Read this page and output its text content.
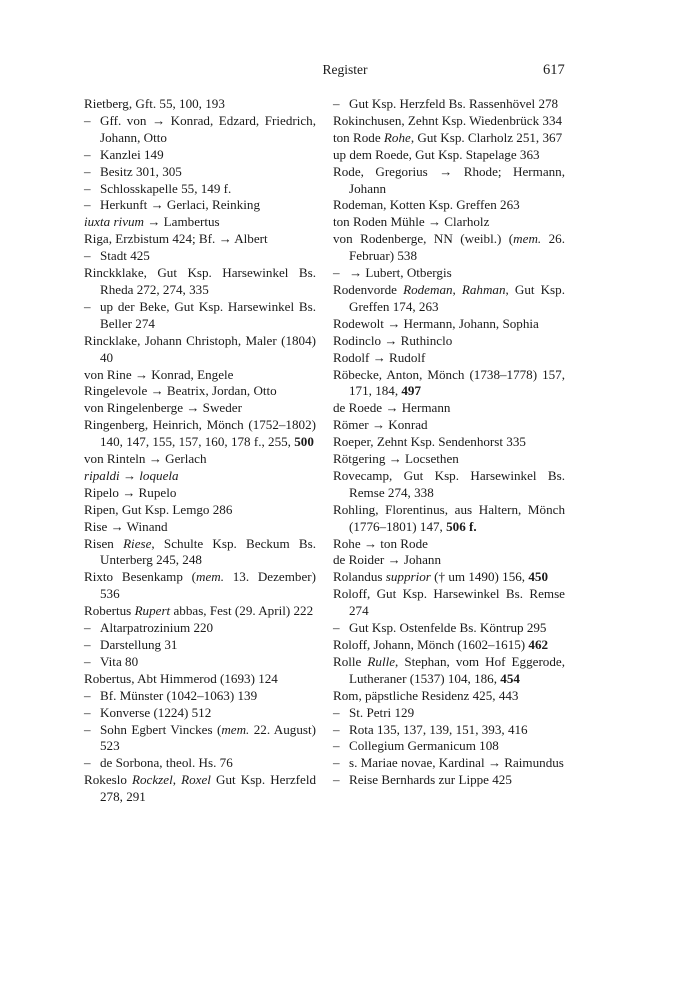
Register	617
Rietberg, Gft. 55, 100, 193
– Gff. von → Konrad, Edzard, Friedrich, Johann, Otto
– Kanzlei 149
– Besitz 301, 305
– Schlosskapelle 55, 149 f.
– Herkunft → Gerlaci, Reinking
iuxta rivum → Lambertus
Riga, Erzbistum 424; Bf. → Albert
– Stadt 425
Rinckklake, Gut Ksp. Harsewinkel Bs. Rheda 272, 274, 335
– up der Beke, Gut Ksp. Harsewinkel Bs. Beller 274
Rincklake, Johann Christoph, Maler (1804) 40
von Rine → Konrad, Engele
Ringelevole → Beatrix, Jordan, Otto
von Ringelenberge → Sweder
Ringenberg, Heinrich, Mönch (1752–1802) 140, 147, 155, 157, 160, 178 f., 255, 500
von Rinteln → Gerlach
ripaldi → loquela
Ripelo → Rupelo
Ripen, Gut Ksp. Lemgo 286
Rise → Winand
Risen Riese, Schulte Ksp. Beckum Bs. Unterberg 245, 248
Rixto Besenkamp (mem. 13. Dezember) 536
Robertus Rupert abbas, Fest (29. April) 222
– Altarpatrozinium 220
– Darstellung 31
– Vita 80
Robertus, Abt Himmerod (1693) 124
– Bf. Münster (1042–1063) 139
– Konverse (1224) 512
– Sohn Egbert Vinckes (mem. 22. August) 523
– de Sorbona, theol. Hs. 76
Rokeslo Rockzel, Roxel Gut Ksp. Herzfeld 278, 291
– Gut Ksp. Herzfeld Bs. Rassenhövel 278
Rokinchusen, Zehnt Ksp. Wiedenbrück 334
ton Rode Rohe, Gut Ksp. Clarholz 251, 367
up dem Roede, Gut Ksp. Stapelage 363
Rode, Gregorius → Rhode; Hermann, Johann
Rodeman, Kotten Ksp. Greffen 263
ton Roden Mühle → Clarholz
von Rodenberge, NN (weibl.) (mem. 26. Februar) 538
– → Lubert, Otbergis
Rodenvorde Rodeman, Rahman, Gut Ksp. Greffen 174, 263
Rodewolt → Hermann, Johann, Sophia
Rodinclo → Ruthinclo
Rodolf → Rudolf
Röbecke, Anton, Mönch (1738–1778) 157, 171, 184, 497
de Roede → Hermann
Römer → Konrad
Roeper, Zehnt Ksp. Sendenhorst 335
Rötgering → Locsethen
Rovecamp, Gut Ksp. Harsewinkel Bs. Remse 274, 338
Rohling, Florentinus, aus Haltern, Mönch (1776–1801) 147, 506 f.
Rohe → ton Rode
de Roider → Johann
Rolandus supprior († um 1490) 156, 450
Roloff, Gut Ksp. Harsewinkel Bs. Remse 274
– Gut Ksp. Ostenfelde Bs. Köntrup 295
Roloff, Johann, Mönch (1602–1615) 462
Rolle Rulle, Stephan, vom Hof Eggerode, Lutheraner (1537) 104, 186, 454
Rom, päpstliche Residenz 425, 443
– St. Petri 129
– Rota 135, 137, 139, 151, 393, 416
– Collegium Germanicum 108
– s. Mariae novae, Kardinal → Raimundus
– Reise Bernhards zur Lippe 425
